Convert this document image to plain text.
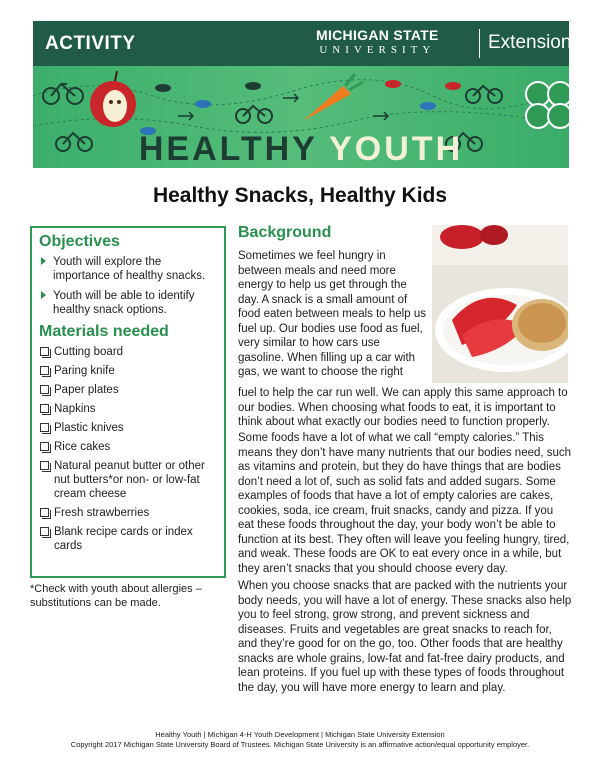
ACTIVITY	MICHIGAN STATE
UNIVERSITY	Extension
HEALTHY YOUTH
Healthy Snacks, Healthy Kids
Objectives
Youth will explore the importance of healthy snacks.
Youth will be able to identify healthy snack options.
Materials needed
Cutting board
Paring knife
Paper plates
Napkins
Plastic knives
Rice cakes
Natural peanut butter or other nut butters*or non- or low-fat cream cheese
Fresh strawberries
Blank recipe cards or index cards
*Check with youth about allergies – substitutions can be made.
Background
Sometimes we feel hungry in between meals and need more energy to help us get through the day. A snack is a small amount of food eaten between meals to help us fuel up. Our bodies use food as fuel, very similar to how cars use gasoline. When filling up a car with gas, we want to choose the right
fuel to help the car run well. We can apply this same approach to our bodies. When choosing what foods to eat, it is important to think about what exactly our bodies need to function properly.
Some foods have a lot of what we call “empty calories.” This means they don’t have many nutrients that our bodies need, such as vitamins and protein, but they do have things that are bodies don’t need a lot of, such as solid fats and added sugars. Some examples of foods that have a lot of empty calories are cakes, cookies, soda, ice cream, fruit snacks, candy and pizza. If you eat these foods throughout the day, your body won’t be able to function at its best. They often will leave you feeling hungry, tired, and weak. These foods are OK to eat every once in a while, but they aren’t snacks that you should choose every day.
When you choose snacks that are packed with the nutrients your body needs, you will have a lot of energy. These snacks also help you to feel strong, grow strong, and prevent sickness and diseases. Fruits and vegetables are great snacks to reach for, and they’re good for on the go, too. Other foods that are healthy snacks are whole grains, low-fat and fat-free dairy products, and lean proteins. If you fuel up with these types of foods throughout the day, you will have more energy to learn and play.
Healthy Youth | Michigan 4-H Youth Development | Michigan State University Extension
Copyright 2017 Michigan State University Board of Trustees. Michigan State University is an affirmative action/equal opportunity employer.
